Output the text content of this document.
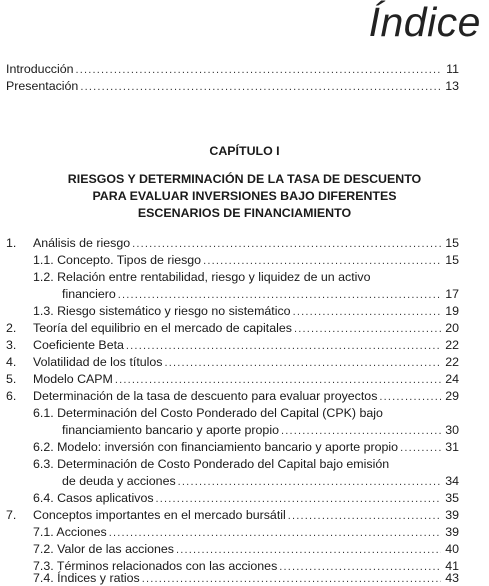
Índice
Introducción .....	11
Presentación .....	13
CAPÍTULO I
RIESGOS Y DETERMINACIÓN DE LA TASA DE DESCUENTO
PARA EVALUAR INVERSIONES BAJO DIFERENTES
ESCENARIOS DE FINANCIAMIENTO
1. Análisis de riesgo .....	15
1.1. Concepto. Tipos de riesgo .....	15
1.2. Relación entre rentabilidad, riesgo y liquidez de un activo
financiero .....	17
1.3. Riesgo sistemático y riesgo no sistemático .....	19
2. Teoría del equilibrio en el mercado de capitales .....	20
3. Coeficiente Beta .....	22
4. Volatilidad de los títulos .....	22
5. Modelo CAPM .....	24
6. Determinación de la tasa de descuento para evaluar proyectos .....	29
6.1. Determinación del Costo Ponderado del Capital (CPK) bajo
financiamiento bancario y aporte propio .....	30
6.2. Modelo: inversión con financiamiento bancario y aporte propio .....	31
6.3. Determinación de Costo Ponderado del Capital bajo emisión
de deuda y acciones .....	34
6.4. Casos aplicativos .....	35
7. Conceptos importantes en el mercado bursátil .....	39
7.1. Acciones .....	39
7.2. Valor de las acciones .....	40
7.3. Términos relacionados con las acciones .....	41
7.4. Índices y ratios .....	43
